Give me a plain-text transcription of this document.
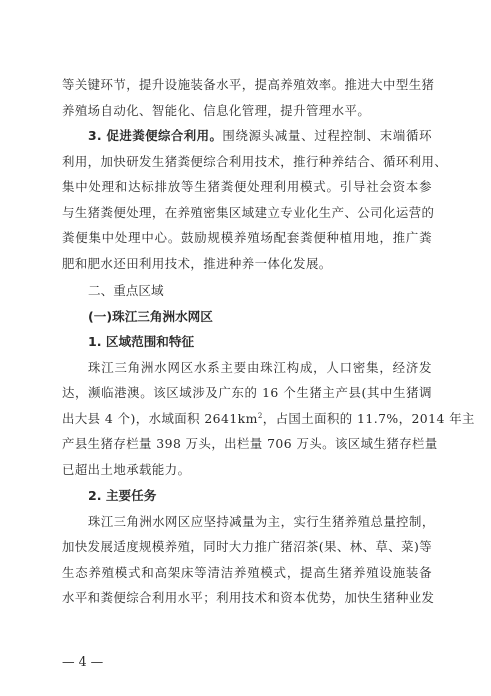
等关键环节，提升设施装备水平，提高养殖效率。推进大中型生猪
养殖场自动化、智能化、信息化管理，提升管理水平。
3. 促进粪便综合利用。围绕源头减量、过程控制、末端循环
利用，加快研发生猪粪便综合利用技术，推行种养结合、循环利用、
集中处理和达标排放等生猪粪便处理利用模式。引导社会资本参
与生猪粪便处理，在养殖密集区域建立专业化生产、公司化运营的
粪便集中处理中心。鼓励规模养殖场配套粪便种植用地，推广粪
肥和肥水还田利用技术，推进种养一体化发展。
二、重点区域
(一)珠江三角洲水网区
1. 区域范围和特征
珠江三角洲水网区水系主要由珠江构成，人口密集，经济发
达，濒临港澳。该区域涉及广东的 16 个生猪主产县(其中生猪调
出大县 4 个)，水域面积 $2641km^2$，占国土面积的 11.7%，2014 年主
产县生猪存栏量 398 万头，出栏量 706 万头。该区域生猪存栏量
已超出土地承载能力。
2. 主要任务
珠江三角洲水网区应坚持减量为主，实行生猪养殖总量控制，
加快发展适度规模养殖，同时大力推广猪沼茶(果、林、草、菜)等
生态养殖模式和高架床等清洁养殖模式，提高生猪养殖设施装备
水平和粪便综合利用水平；利用技术和资本优势，加快生猪种业发
— 4 —
